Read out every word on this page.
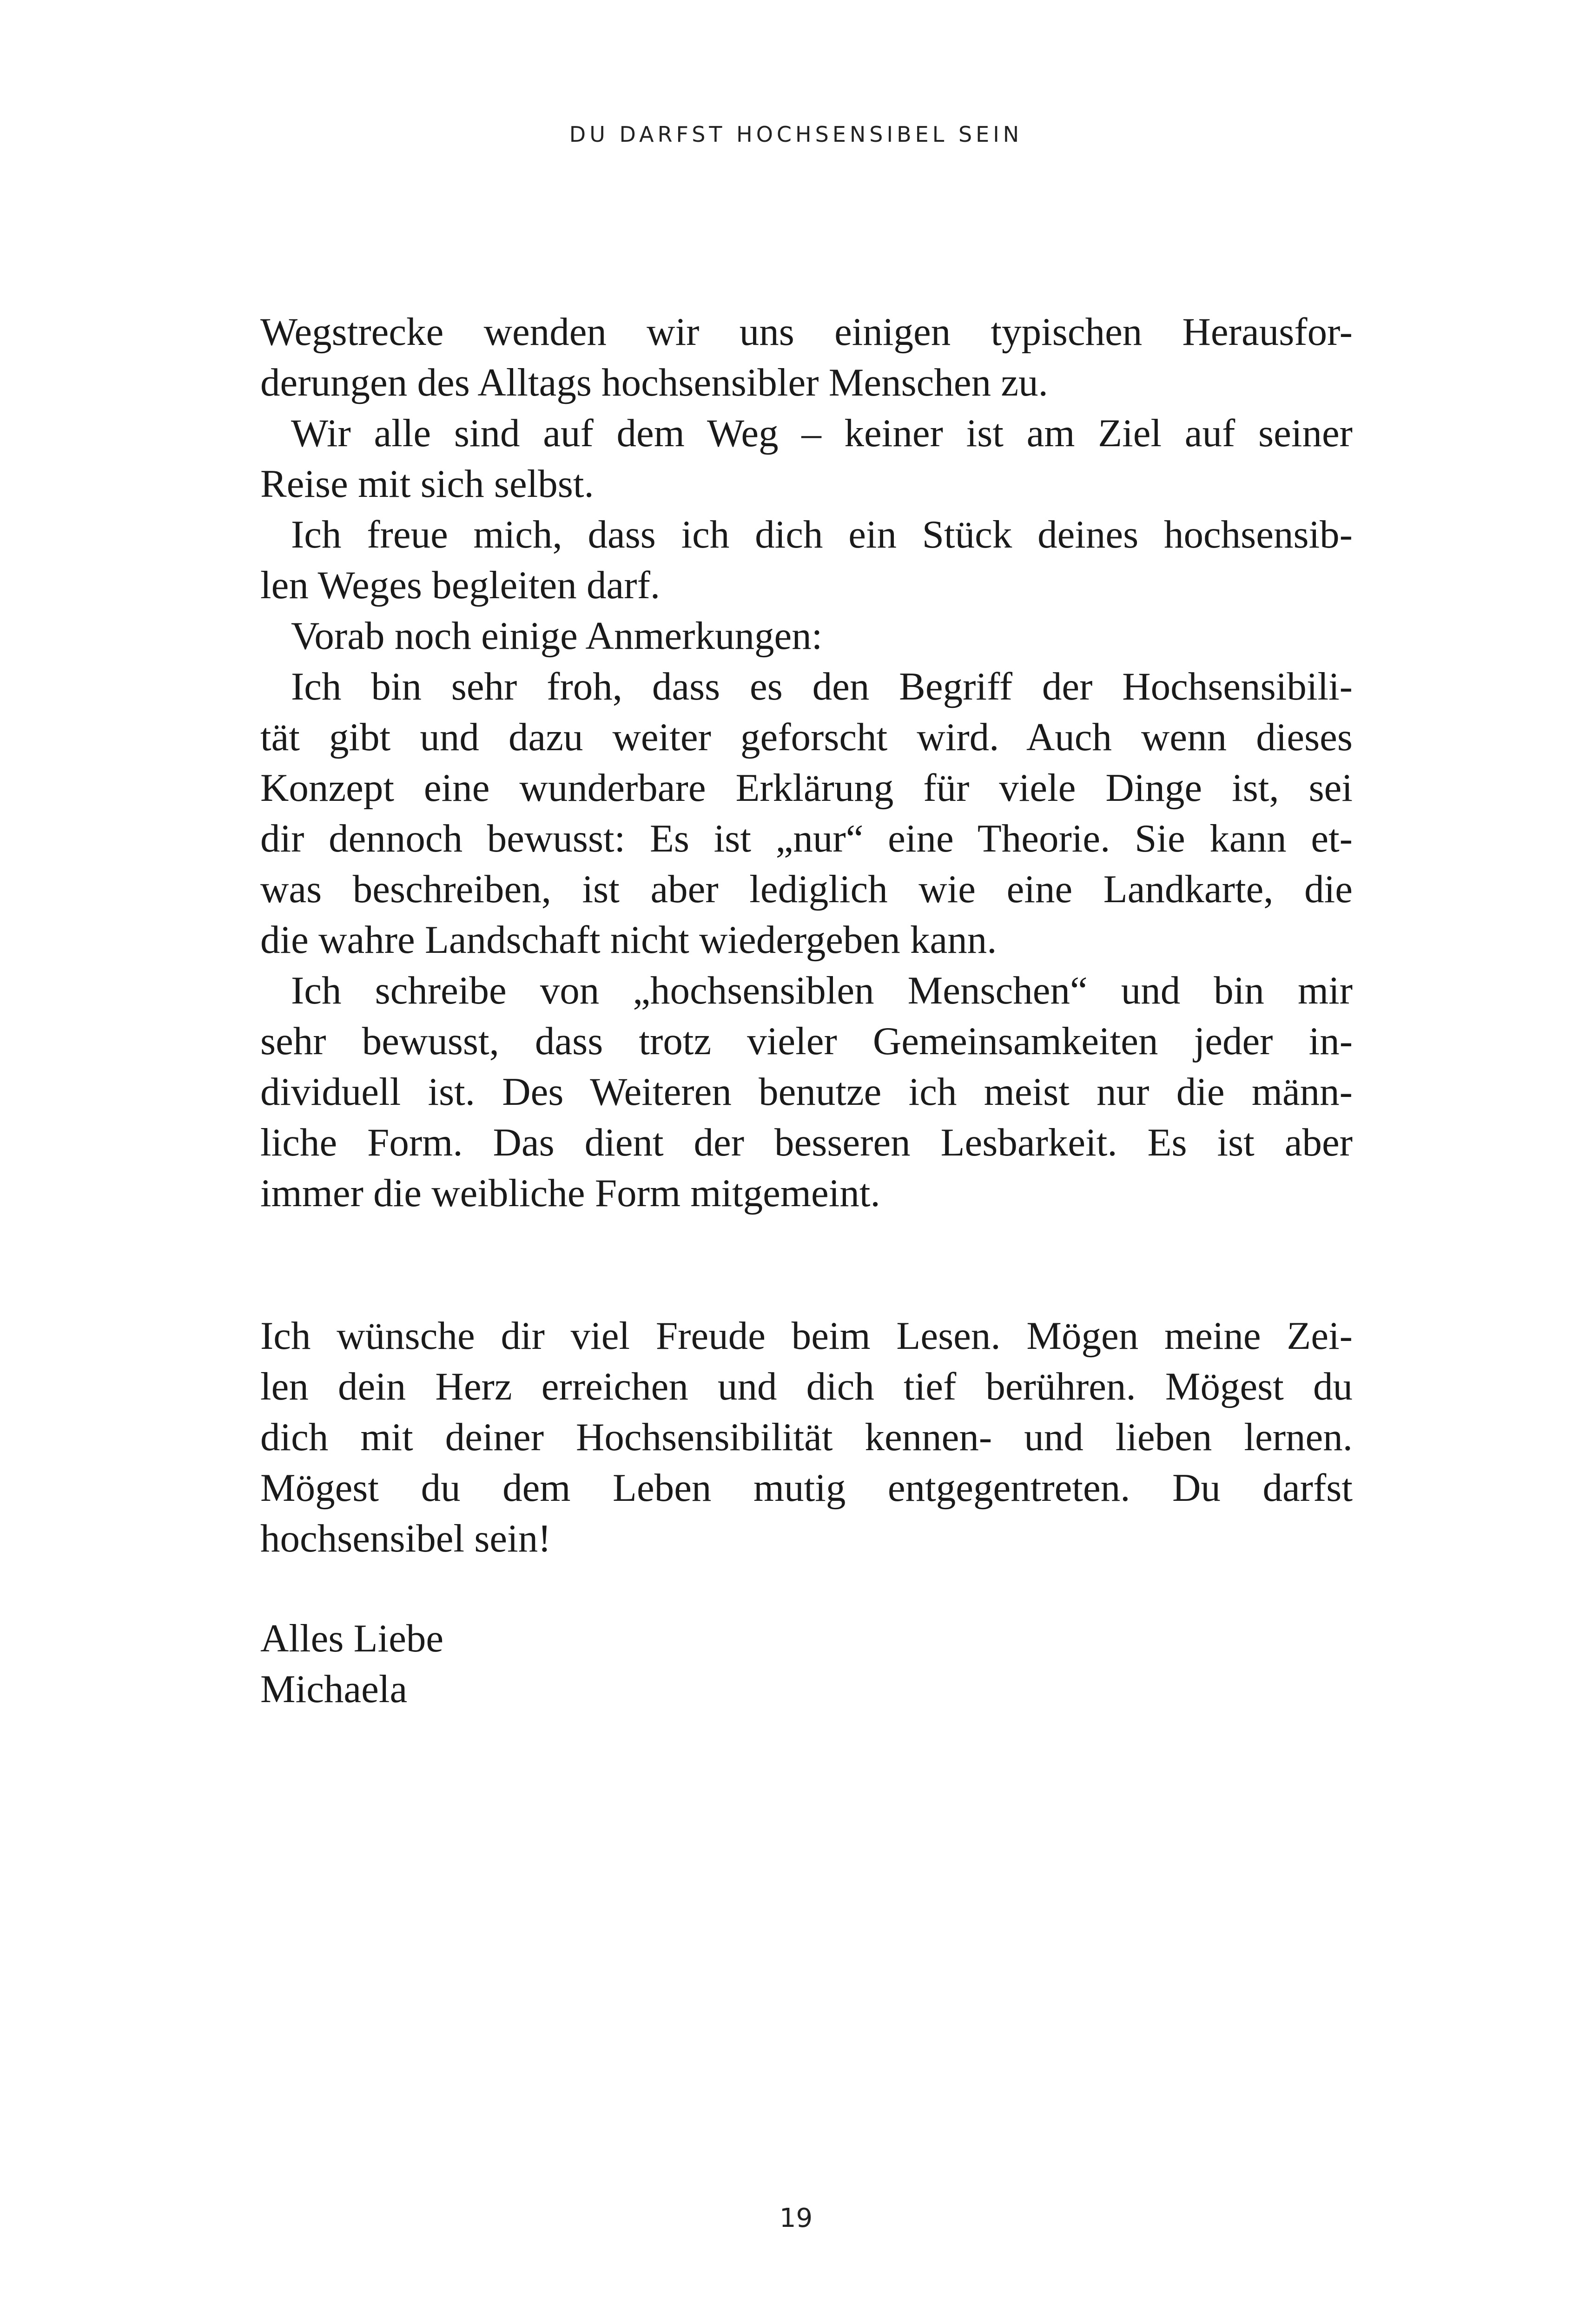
DU DARFST HOCHSENSIBEL SEIN
Wegstrecke wenden wir uns einigen typischen Herausfor-
derungen des Alltags hochsensibler Menschen zu.
Wir alle sind auf dem Weg – keiner ist am Ziel auf seiner
Reise mit sich selbst.
Ich freue mich, dass ich dich ein Stück deines hochsensib-
len Weges begleiten darf.
Vorab noch einige Anmerkungen:
Ich bin sehr froh, dass es den Begriff der Hochsensibili-
tät gibt und dazu weiter geforscht wird. Auch wenn dieses
Konzept eine wunderbare Erklärung für viele Dinge ist, sei
dir dennoch bewusst: Es ist „nur“ eine Theorie. Sie kann et-
was beschreiben, ist aber lediglich wie eine Landkarte, die
die wahre Landschaft nicht wiedergeben kann.
Ich schreibe von „hochsensiblen Menschen“ und bin mir
sehr bewusst, dass trotz vieler Gemeinsamkeiten jeder in-
dividuell ist. Des Weiteren benutze ich meist nur die männ-
liche Form. Das dient der besseren Lesbarkeit. Es ist aber
immer die weibliche Form mitgemeint.
Ich wünsche dir viel Freude beim Lesen. Mögen meine Zei-
len dein Herz erreichen und dich tief berühren. Mögest du
dich mit deiner Hochsensibilität kennen- und lieben lernen.
Mögest du dem Leben mutig entgegentreten. Du darfst
hochsensibel sein!
Alles Liebe
Michaela
19
